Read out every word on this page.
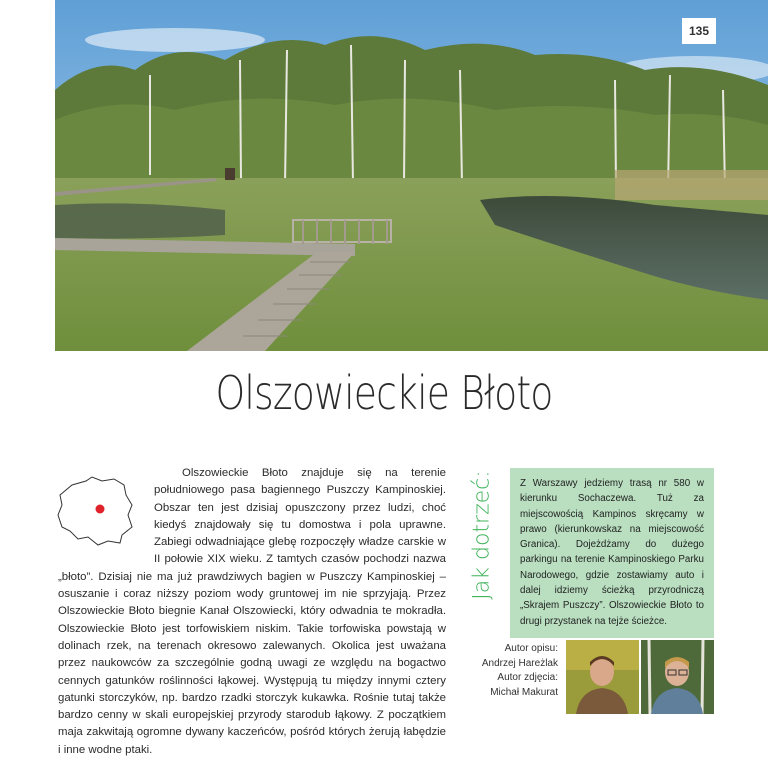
135
Olszowieckie Błoto

Olszowieckie Błoto znajduje się na terenie południowego pasa bagiennego Puszczy Kampinoskiej. Obszar ten jest dzisiaj opuszczony przez ludzi, choć kiedyś znajdowały się tu domostwa i pola uprawne. Zabiegi odwadniające glebę rozpoczęły władze carskie w II połowie XIX wieku. Z tamtych czasów pochodzi nazwa „błoto”. Dzisiaj nie ma już prawdziwych bagien w Puszczy Kampinoskiej – osuszanie i coraz niższy poziom wody gruntowej im nie sprzyjają. Przez Olszowieckie Błoto biegnie Kanał Olszowiecki, który odwadnia te mokradła. Olszowieckie Błoto jest torfowiskiem niskim. Takie torfowiska powstają w dolinach rzek, na terenach okresowo zalewanych. Okolica jest uważana przez naukowców za szczególnie godną uwagi ze względu na bogactwo cennych gatunków roślinności łąkowej. Występują tu między innymi cztery gatunki storczyków, np. bardzo rzadki storczyk kukawka. Rośnie tutaj także bardzo cenny w skali europejskiej przyrody starodub łąkowy. Z początkiem maja zakwitają ogromne dywany kaczeńców, pośród których żerują łabędzie i inne wodne ptaki.

Jak dotrzeć:	Z Warszawy jedziemy trasą nr 580 w kierunku Sochaczewa. Tuż za miejscowością Kampinos skręcamy w prawo (kierunkowskaz na miejscowość Granica). Dojeżdżamy do dużego parkingu na terenie Kampinoskiego Parku Narodowego, gdzie zostawiamy auto i dalej idziemy ścieżką przyrodniczą „Skrajem Puszczy”. Olszowieckie Błoto to drugi przystanek na tejże ścieżce.
Autor opisu:
Andrzej Hareżlak
Autor zdjęcia:
Michał Makurat
